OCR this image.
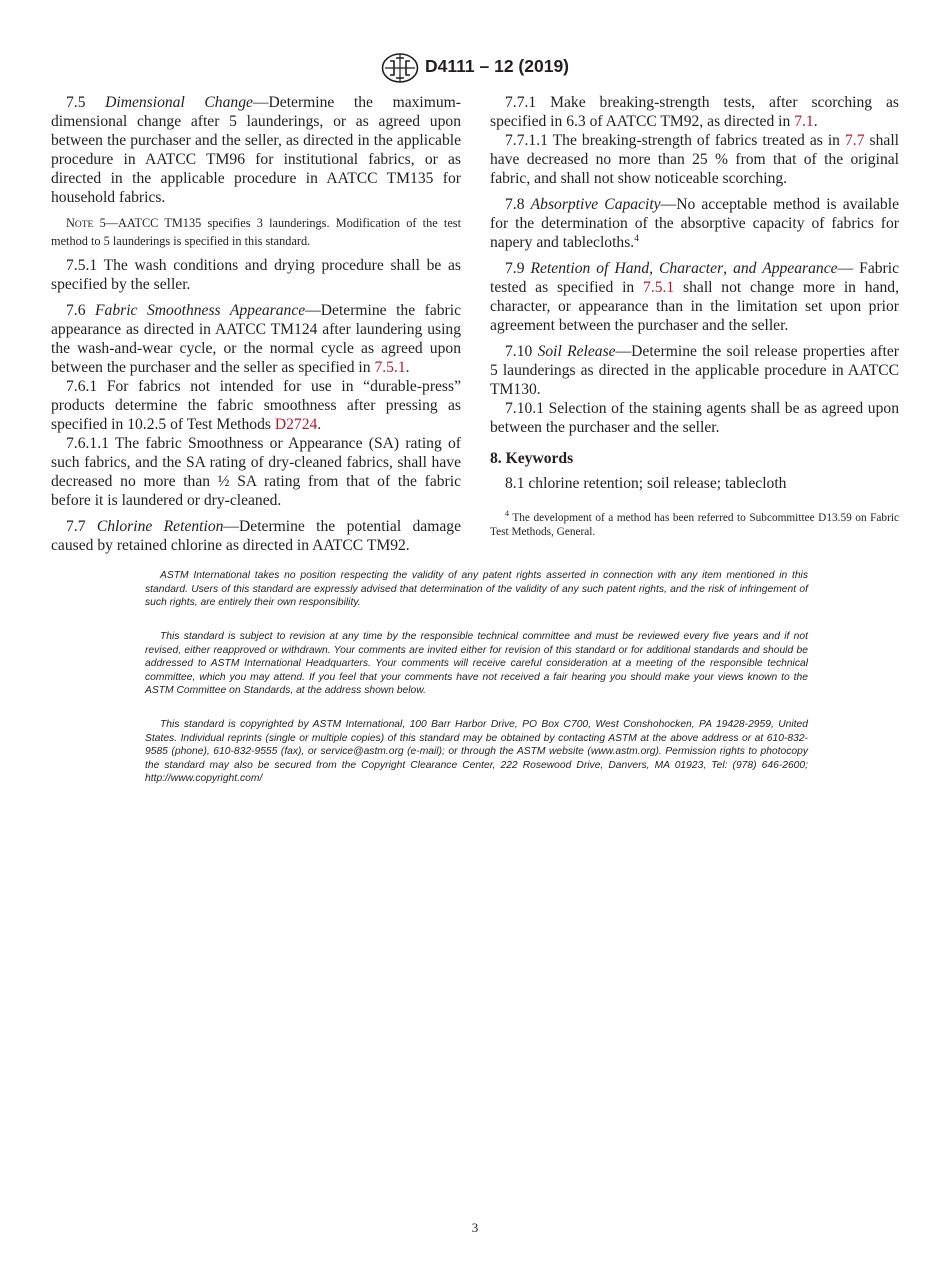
D4111 – 12 (2019)

7.5 Dimensional Change—Determine the maximum-dimensional change after 5 launderings, or as agreed upon between the purchaser and the seller, as directed in the applicable procedure in AATCC TM96 for institutional fabrics, or as directed in the applicable procedure in AATCC TM135 for household fabrics.

NOTE 5—AATCC TM135 specifies 3 launderings. Modification of the test method to 5 launderings is specified in this standard.

7.5.1 The wash conditions and drying procedure shall be as specified by the seller.

7.6 Fabric Smoothness Appearance—Determine the fabric appearance as directed in AATCC TM124 after laundering using the wash-and-wear cycle, or the normal cycle as agreed upon between the purchaser and the seller as specified in 7.5.1.

7.6.1 For fabrics not intended for use in “durable-press” products determine the fabric smoothness after pressing as specified in 10.2.5 of Test Methods D2724.

7.6.1.1 The fabric Smoothness or Appearance (SA) rating of such fabrics, and the SA rating of dry-cleaned fabrics, shall have decreased no more than ½ SA rating from that of the fabric before it is laundered or dry-cleaned.

7.7 Chlorine Retention—Determine the potential damage caused by retained chlorine as directed in AATCC TM92.

7.7.1 Make breaking-strength tests, after scorching as specified in 6.3 of AATCC TM92, as directed in 7.1.

7.7.1.1 The breaking-strength of fabrics treated as in 7.7 shall have decreased no more than 25 % from that of the original fabric, and shall not show noticeable scorching.

7.8 Absorptive Capacity—No acceptable method is available for the determination of the absorptive capacity of fabrics for napery and tablecloths.$^4$

7.9 Retention of Hand, Character, and Appearance— Fabric tested as specified in 7.5.1 shall not change more in hand, character, or appearance than in the limitation set upon prior agreement between the purchaser and the seller.

7.10 Soil Release—Determine the soil release properties after 5 launderings as directed in the applicable procedure in AATCC TM130.

7.10.1 Selection of the staining agents shall be as agreed upon between the purchaser and the seller.

8. Keywords

8.1 chlorine retention; soil release; tablecloth

$^4$ The development of a method has been referred to Subcommittee D13.59 on Fabric Test Methods, General.

ASTM International takes no position respecting the validity of any patent rights asserted in connection with any item mentioned in this standard. Users of this standard are expressly advised that determination of the validity of any such patent rights, and the risk of infringement of such rights, are entirely their own responsibility.
This standard is subject to revision at any time by the responsible technical committee and must be reviewed every five years and if not revised, either reapproved or withdrawn. Your comments are invited either for revision of this standard or for additional standards and should be addressed to ASTM International Headquarters. Your comments will receive careful consideration at a meeting of the responsible technical committee, which you may attend. If you feel that your comments have not received a fair hearing you should make your views known to the ASTM Committee on Standards, at the address shown below.
This standard is copyrighted by ASTM International, 100 Barr Harbor Drive, PO Box C700, West Conshohocken, PA 19428-2959, United States. Individual reprints (single or multiple copies) of this standard may be obtained by contacting ASTM at the above address or at 610-832-9585 (phone), 610-832-9555 (fax), or service@astm.org (e-mail); or through the ASTM website (www.astm.org). Permission rights to photocopy the standard may also be secured from the Copyright Clearance Center, 222 Rosewood Drive, Danvers, MA 01923, Tel: (978) 646-2600; http://www.copyright.com/
3
